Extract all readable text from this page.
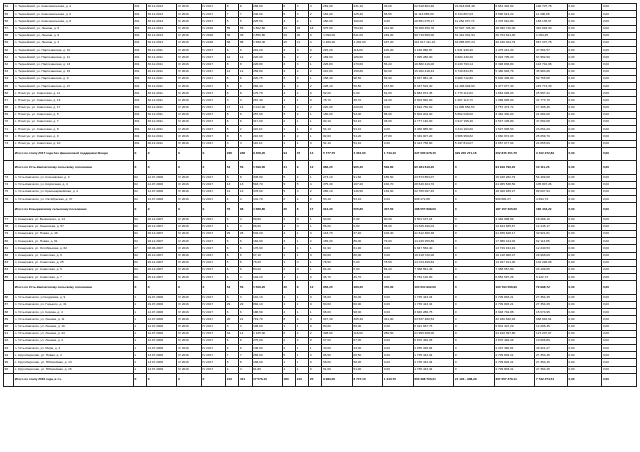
54	п. Тернейский, ул. Комсомольская, д. 4	301	30.12.2013	IV 2016	IV 2017	8	8	268,60	6	3	3	269,00	231,10	36,00	22 618 804,48	22 618 804,48	6 951 302,52	190 707,78	0,00	0,00
55	п. Тернейский, ул. Комсомольская, д. 6	301	30.12.2013	IV 2016	IV 2017	7	7	240,00	5	3	2	182,00	125,40	56,60	11 116 885,00	9 724 807,03	3 590 613,22	11 300,85	0,00	0,00
56	п. Тернейский, ул. Комсомольская, д. 8	301	30.12.2013	IV 2016	IV 2017	5	5	225,50	3	2	1	160,00	160,00	0,00	18 851 075,17	11 252 037,74	4 476 910,80	183 135,57	0,00	0,00
57	п. Тернейский, ул. Ленина, д. 5	301	30.12.2013	IV 2016	IV 2018	55	55	1 802,80	41	23	18	975,50	764,90	212,60	78 306 450,78	67 507 725,39	48 090 740,00	491 993,30	0,00	0,00
58	п. Тернейский, ул. Ленина, д. 9	301	30.12.2013	IV 2016	IV 2018	36	36	1 856,80	29	20	9	1 090,00	841,00	249,00	60 719 850,00	51 461 661,94	39 704 541,00	1 054,25	0,00	0,00
59	п. Тернейский, ул. Ленина, д. 4	301	30.12.2013	IV 2016	IV 2018	88	88	1 588,30	25	11	4	1 489,20	1 302,00	187,20	112 517 111,10	63 885 807,24	46 430 024,79	867 237,78	0,00	0,00
60	п. Тернейский, ул. Партизанская, д. 10	301	30.12.2011	IV 2016	IV 2017	6	6	216,20	3	3	0	216,20	116,00	100,20	1 160 890,87	1 541 930,20	1 475 212,20	47 954,57	0,00	0,00
61	п. Тернейский, ул. Партизанская, д. 11	301	30.12.2011	IV 2016	IV 2017	12	12	220,00	4	2	2	189,60	189,60	0,00	7 995 280,00	9 684 430,26	5 022 705,20	67 952,00	0,00	0,00
62	п. Тернейский, ул. Партизанская, д. 13	301	30.12.2011	IV 2016	IV 2017	8	8	226,80	4	3	1	226,80	170,60	56,20	10 882 419,00	9 133 793,14	6 396 836,80	143 791,98	0,00	0,00
63	п. Тернейский, ул. Партизанская, д. 15	301	20.12.2011	IV 2016	IV 2017	12	12	259,80	4	2	2	210,80	150,80	60,00	15 202 418,44	9 740 844,35	5 480 693,76	45 983,28	0,00	0,00
64	п. Тернейский, ул. Партизанская, д. 9	301	30.12.2011	IV 2016	IV 2017	6	6	220,75	3	2	1	158,40	98,50	59,90	9 937 881,43	9 989 712,80	5 630 405,60	62 755,58	0,00	0,00
65	п. Тернейский, ул. Партизанская, д. 27	301	30.12.2011	IV 2016	IV 2017	8	8	284,40	4	2	2	228,10	50,50	167,60	8 337 519,30	12 496 669,60	9 477 077,40	215 774,30	0,00	0,00
66	с. Пластун, ул. Советская, д. 11	301	30.12.2011	IV 2016	IV 2017	8	8	175,70	4	4	0	52,00	0,00	52,00	9 884 874,45	1 770 112,84	1 864 028,03	25 587,21	0,00	0,00
67	с. Пластун, ул. Советская, д. 13	301	30.12.2011	IV 2016	IV 2017	3	3	267,40	1	1	0	78,70	36,70	42,00	3 503 892,00	1 667 113,73	1 089 695,00	31 773,70	0,00	0,00
68	с. Пластун, ул. Советская, д. 17	301	30.12.2011	IV 2016	IV 2017	17	14	1 012,90	4	2	2	220,00	220,00	0,00	3 694 750,00	11 005 652,53	3 757 473,72	17 495,30	0,00	0,00
69	с. Пластун, ул. Советская, д. 5	301	30.12.2011	IV 2016	IV 2017	8	6	257,90	3	2	1	180,00	94,00	86,00	5 604 204,00	5 862 048,00	3 462 330,00	21 084,00	0,00	0,00
70	с. Пластун, ул. Советская, д. 7	301	30.12.2011	IV 2016	IV 2017	8	6	317,00	2	1	1	90,10	54,10	36,00	4 777 140,00	4 917 195,40	2 547 105,80	47 082,68	0,00	0,00
71	с. Пластун, ул. Советская, д. 8	301	30.12.2011	IV 2016	IV 2017	5	2	116,10	1	1	0	54,10	54,10	0,00	3 466 885,00	3 314 163,00	1 527 905,53	23 054,20	0,00	0,00
72	с. Пластун, ул. Советская, д. 9	301	30.12.2011	IV 2016	IV 2017	8	5	216,60	3	2	1	82,00	54,20	27,80	5 349 907,20	4 586 950,82	1 960 974,93	25 059,70	0,00	0,00
73	с. Пластун, ул. Советская, д. 10	301	30.12.2011	IV 2016	IV 2017	3	3	116,10	1	1	0	54,10	54,10	0,00	9 413 758,80	5 197 814,07	2 057 077,64	24 055,09	0,00	0,00
	Итого по этапу 2017 года без финансовой поддержки Фонда	X	X	X	X	268	238	9 458,20	94	73	14	5 777,70	4 354,60	1 743,10	327 080 978,15	329 200 271,18	202 845 451,76	3 102 272,82	0,00	0,00
	Итого по Усть-Камчатскому сельскому поселению	X	X	X	X	53	53	1 599,00	21	9	12	986,20	965,40	539,80	95 484 819,20	0	94 949 796,20	10 111,20	0,00	0,00
73	п. Усть-Камчатск, ул. Ключевская, д. 2	62	12.07.2006	IV 2016	IV 2017	8	8	345,80	5	4	1	273,10	91,60	185,50	23 573 853,07	0	15 428 282,79	54 409,08	0,00	0,00
74	п. Усть-Камчатск, ул. Кирпичная, д. 4	62	12.07.2006	IV 2016	IV 2017	13	13	518,70	9	5	4	375,30	167,20	166,70	28 649 404,70	0	21 065 538,50	105 807,26	0,00	0,00
75	п. Усть-Камчатск, ул. Красноармейская, д. 4	62	12.07.2006	IV 2016	IV 2017	12	12	378,00	5	3	2	280,10	140,50	139,60	22 785 097,45	0	18 026 935,27	89 007,94	0,00	0,00
76	п. Усть-Камчатск, ул. Октябрьская, д. 37	62	12.07.2006	IV 2016	IV 2017	4	4	131,70	2	2	0	53,10	53,10	0,00	908 472,88	0	950 881,07	4 694,73	0,00	0,00
	Итого по Козыревскому сельскому поселению	X	X	X	X	76	68	1 588,80	25	8	17	913,30	505,80	407,50	188 557 898,00	0	187 157 206,00	180 443,22	0,00	0,00
77	п. Козыревск, ул. Белинского, д. 13	62	26.12.2007	IV 2016	IV 2017	4	4	99,80	1	0	1	90,00	0,00	90,00	4 501 167,24	0	4 484 998,89	18 286,10	0,00	0,00
78	п. Козыревск, ул. Ленинская, д. 57	62	26.12.2007	IV 2016	IV 2017	4	4	86,00	1	0	1	86,00	0,00	86,00	14 525 499,04	0	14 634 835,67	12 445,17	0,00	0,00
79	п. Козыревск, ул. Новая, д. 49	62	26.12.2007	IV 2016	IV 2017	25	25	533,20	4	1	3	143,70	37,40	106,30	21 612 360,38	0	21 455 628,17	32 521,81	0,00	0,00
80	п. Козыревск, ул. Новая, д. 61	62	26.12.2007	IV 2016	IV 2017	6	6	162,90	3	1	2	165,00	86,00	79,00	14 249 259,80	0	17 086 444,02	62 113,85	0,00	0,00
81	п. Козыревск, ул. Октябрьская, д. 62	27	08.06.2007	IV 2016	IV 2017	6	6	176,90	2	1	1	61,90	61,90	0,00	9 847 566,40	0	13 729 164,19	12 240,53	0,00	0,00
82	п. Козыревск, ул. Советская, д. 9	62	26.12.2007	IV 2016	IV 2017	6	6	97,10	1	1	0	80,00	80,00	0,00	16 418 720,00	0	16 418 968,07	29 968,00	0,00	0,00
83	п. Козыревск, ул. Советская, д. 25	62	26.12.2007	IV 2016	IV 2017	5	5	76,20	1	0	1	78,50	0,00	78,50	14 723 499,84	0	14 027 101,30	132 296,08	0,00	0,00
84	п. Козыревск, ул. Советская, д. 5	62	26.12.2007	IV 2016	IV 2017	6	6	84,20	1	0	1	84,20	0,00	84,20	7 468 551,49	0	7 458 557,80	23 199,65	0,00	0,00
85	п. Козыревск, ул. Советская, д. 7	62	26.12.2007	IV 2016	IV 2017	4	4	104,20	1	1	0	36,70	36,70	0,00	5 784 120,00	0	6 852 597,26	5 222,73	0,00	0,00
	Итого по Усть-Камчатскому сельскому поселению	X	X	X	X	53	53	1 509,20	20	8	12	956,20	480,20	476,00	104 054 902,00	0	103 794 568,90	79 998,72	0,00	0,00
86	п. Усть-Камчатск, ул Кедровая, д. 9	1	19.07.2006	IV 2016	IV 2017	3	3	101,10	1	1	0	36,00	36,00	0,00	1 735 443,34	0	2 709 803,21	27 354,45	0,00	0,00
87	п. Усть-Камчатск, ул. Горького, д. 31	1	19.07.2006	IV 2016	IV 2017	29	29	894,10	1	1	0	60,00	60,00	0,00	1 735 443,34	0	2 709 803,21	27 354,45	0,00	0,00
88	п. Усть-Камчатск, ул. Кирова, д. 4	1	12.07.2006	IV 2016	IV 2017	6	6	186,50	2	1	1	98,00	98,00	0,00	3 846 286,75	0	3 948 794,88	15 074,95	0,00	0,00
89	п. Усть-Камчатск, ул. Ленина, д. 11	1	12.07.2006	IV 2016	IV 2017	20	21	719,70	8	4	4	647,30	305,40	341,90	33 537 480,53	0	32 936 846,93	968 846,91	0,00	0,00
90	п. Усть-Камчатск, ул. Ленина, д. 16	1	12.07.2006	IV 2016	IV 2017	3	3	105,00	1	1	0	80,00	80,00	0,00	6 321 667,75	0	6 831 407,29	12 296,35	0,00	0,00
91	п. Усть-Камчатск, ул. Ленина, д. 34	1	12.07.2006	IV 2016	IV 2017	34	14	1 105,30	6	4	2	398,60	118,00	280,60	21 950 928,00	0	24 910 397,80	127 207,07	0,00	0,00
92	п. Усть-Камчатск, ул. Ленина, д. 4	1	12.07.2006	IV 2016	IV 2017	6	6	275,60	2	2	0	67,00	67,00	0,00	6 870 492,26	0	3 870 492,26	10 066,89	0,00	0,00
93	п. Усть-Камчатск, ул. Мира, д. 4	1	12.07.2006	IV 2016	IV 2017	6	6	138,00	2	1	1	33,00	33,00	0,00	2 255 325,84	0	2 207 390,81	49 421,27	0,00	0,00
94	с. Крутоберегово, ул. Новая, д. 2	1	13.07.2006	IV 2016	IV 2017	7	7	265,60	5	1	4	66,50	66,50	0,00	1 735 443,34	0	2 709 803,21	27 354,45	0,00	0,00
95	с. Крутоберегово, ул. Юбилейная, д. 13	1	13.07.2006	IV 2016	IV 2017	8	8	168,00	1	1	0	58,00	58,00	0,00	1 735 443,34	0	2 709 803,21	27 354,45	0,00	0,00
96	с. Крутоберегово, ул. Юбилейная, д. 16	1	13.07.2006	IV 2016	IV 2017	4	4	91,80	1	1	0	51,00	51,00	0,00	1 735 443,34	0	2 709 803,21	27 354,45	0,00	0,00
	Итого по этапу 2016 года, в т.ч.	X	X	X	X	213	441	17 576,10	180	213	25	9 990,00	8 747,10	1 343,70	350 398 763,21	21 103 - 908,29	307 657 376,11	7 722 274,51	0,00	0,00
